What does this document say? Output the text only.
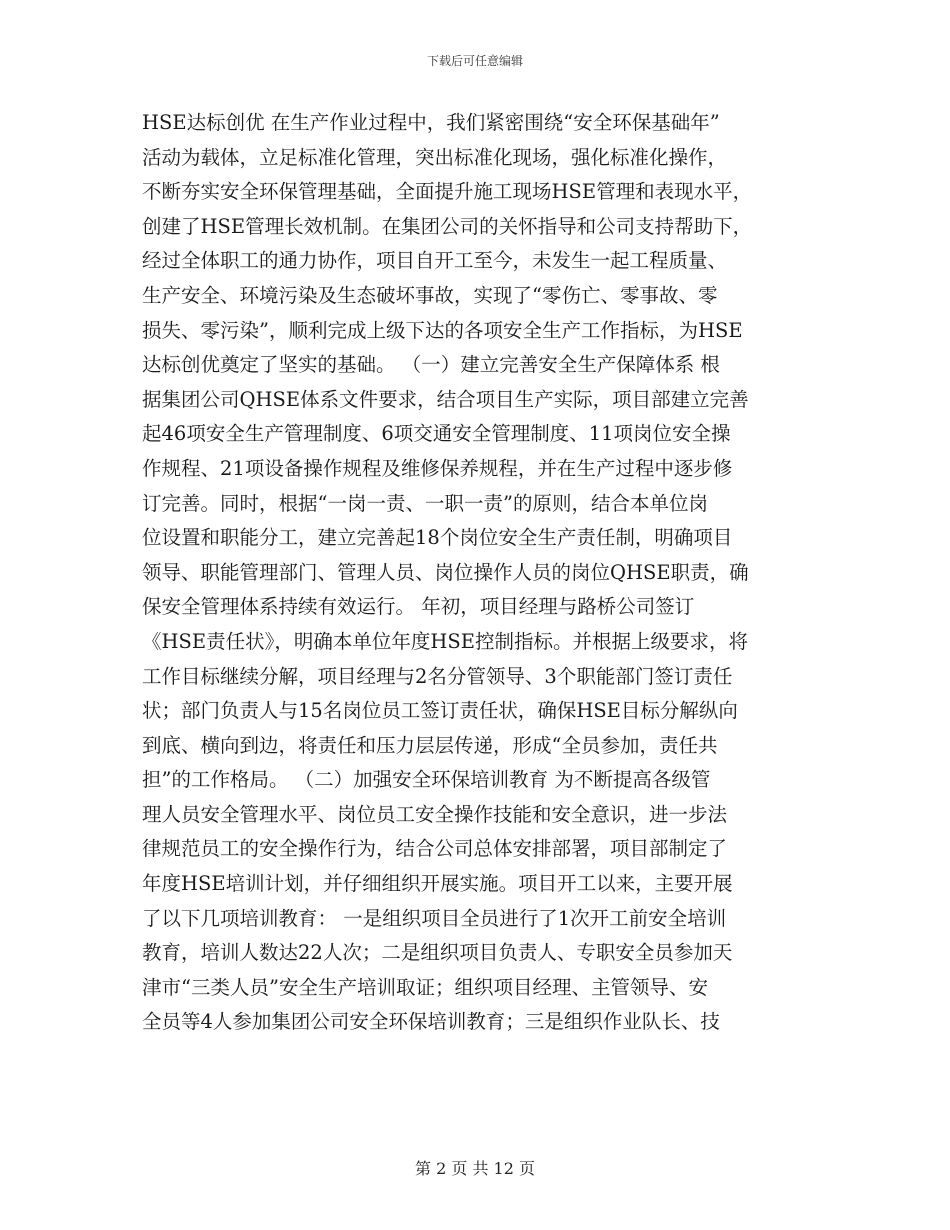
下载后可任意编辑
HSE达标创优 在生产作业过程中，我们紧密围绕“安全环保基础年”
活动为载体，立足标准化管理，突出标准化现场，强化标准化操作，
不断夯实安全环保管理基础，全面提升施工现场HSE管理和表现水平，
创建了HSE管理长效机制。在集团公司的关怀指导和公司支持帮助下，
经过全体职工的通力协作，项目自开工至今，未发生一起工程质量、
生产安全、环境污染及生态破坏事故，实现了“零伤亡、零事故、零
损失、零污染”，顺利完成上级下达的各项安全生产工作指标，为HSE
达标创优奠定了坚实的基础。 （一）建立完善安全生产保障体系 根
据集团公司QHSE体系文件要求，结合项目生产实际，项目部建立完善
起46项安全生产管理制度、6项交通安全管理制度、11项岗位安全操
作规程、21项设备操作规程及维修保养规程，并在生产过程中逐步修
订完善。同时，根据“一岗一责、一职一责”的原则，结合本单位岗
位设置和职能分工，建立完善起18个岗位安全生产责任制，明确项目
领导、职能管理部门、管理人员、岗位操作人员的岗位QHSE职责，确
保安全管理体系持续有效运行。 年初，项目经理与路桥公司签订
《HSE责任状》，明确本单位年度HSE控制指标。并根据上级要求，将
工作目标继续分解，项目经理与2名分管领导、3个职能部门签订责任
状；部门负责人与15名岗位员工签订责任状，确保HSE目标分解纵向
到底、横向到边，将责任和压力层层传递，形成“全员参加，责任共
担”的工作格局。 （二）加强安全环保培训教育 为不断提高各级管
理人员安全管理水平、岗位员工安全操作技能和安全意识，进一步法
律规范员工的安全操作行为，结合公司总体安排部署，项目部制定了
年度HSE培训计划，并仔细组织开展实施。项目开工以来，主要开展
了以下几项培训教育： 一是组织项目全员进行了1次开工前安全培训
教育，培训人数达22人次；二是组织项目负责人、专职安全员参加天
津市“三类人员”安全生产培训取证；组织项目经理、主管领导、安
全员等4人参加集团公司安全环保培训教育；三是组织作业队长、技
第 2 页 共 12 页
